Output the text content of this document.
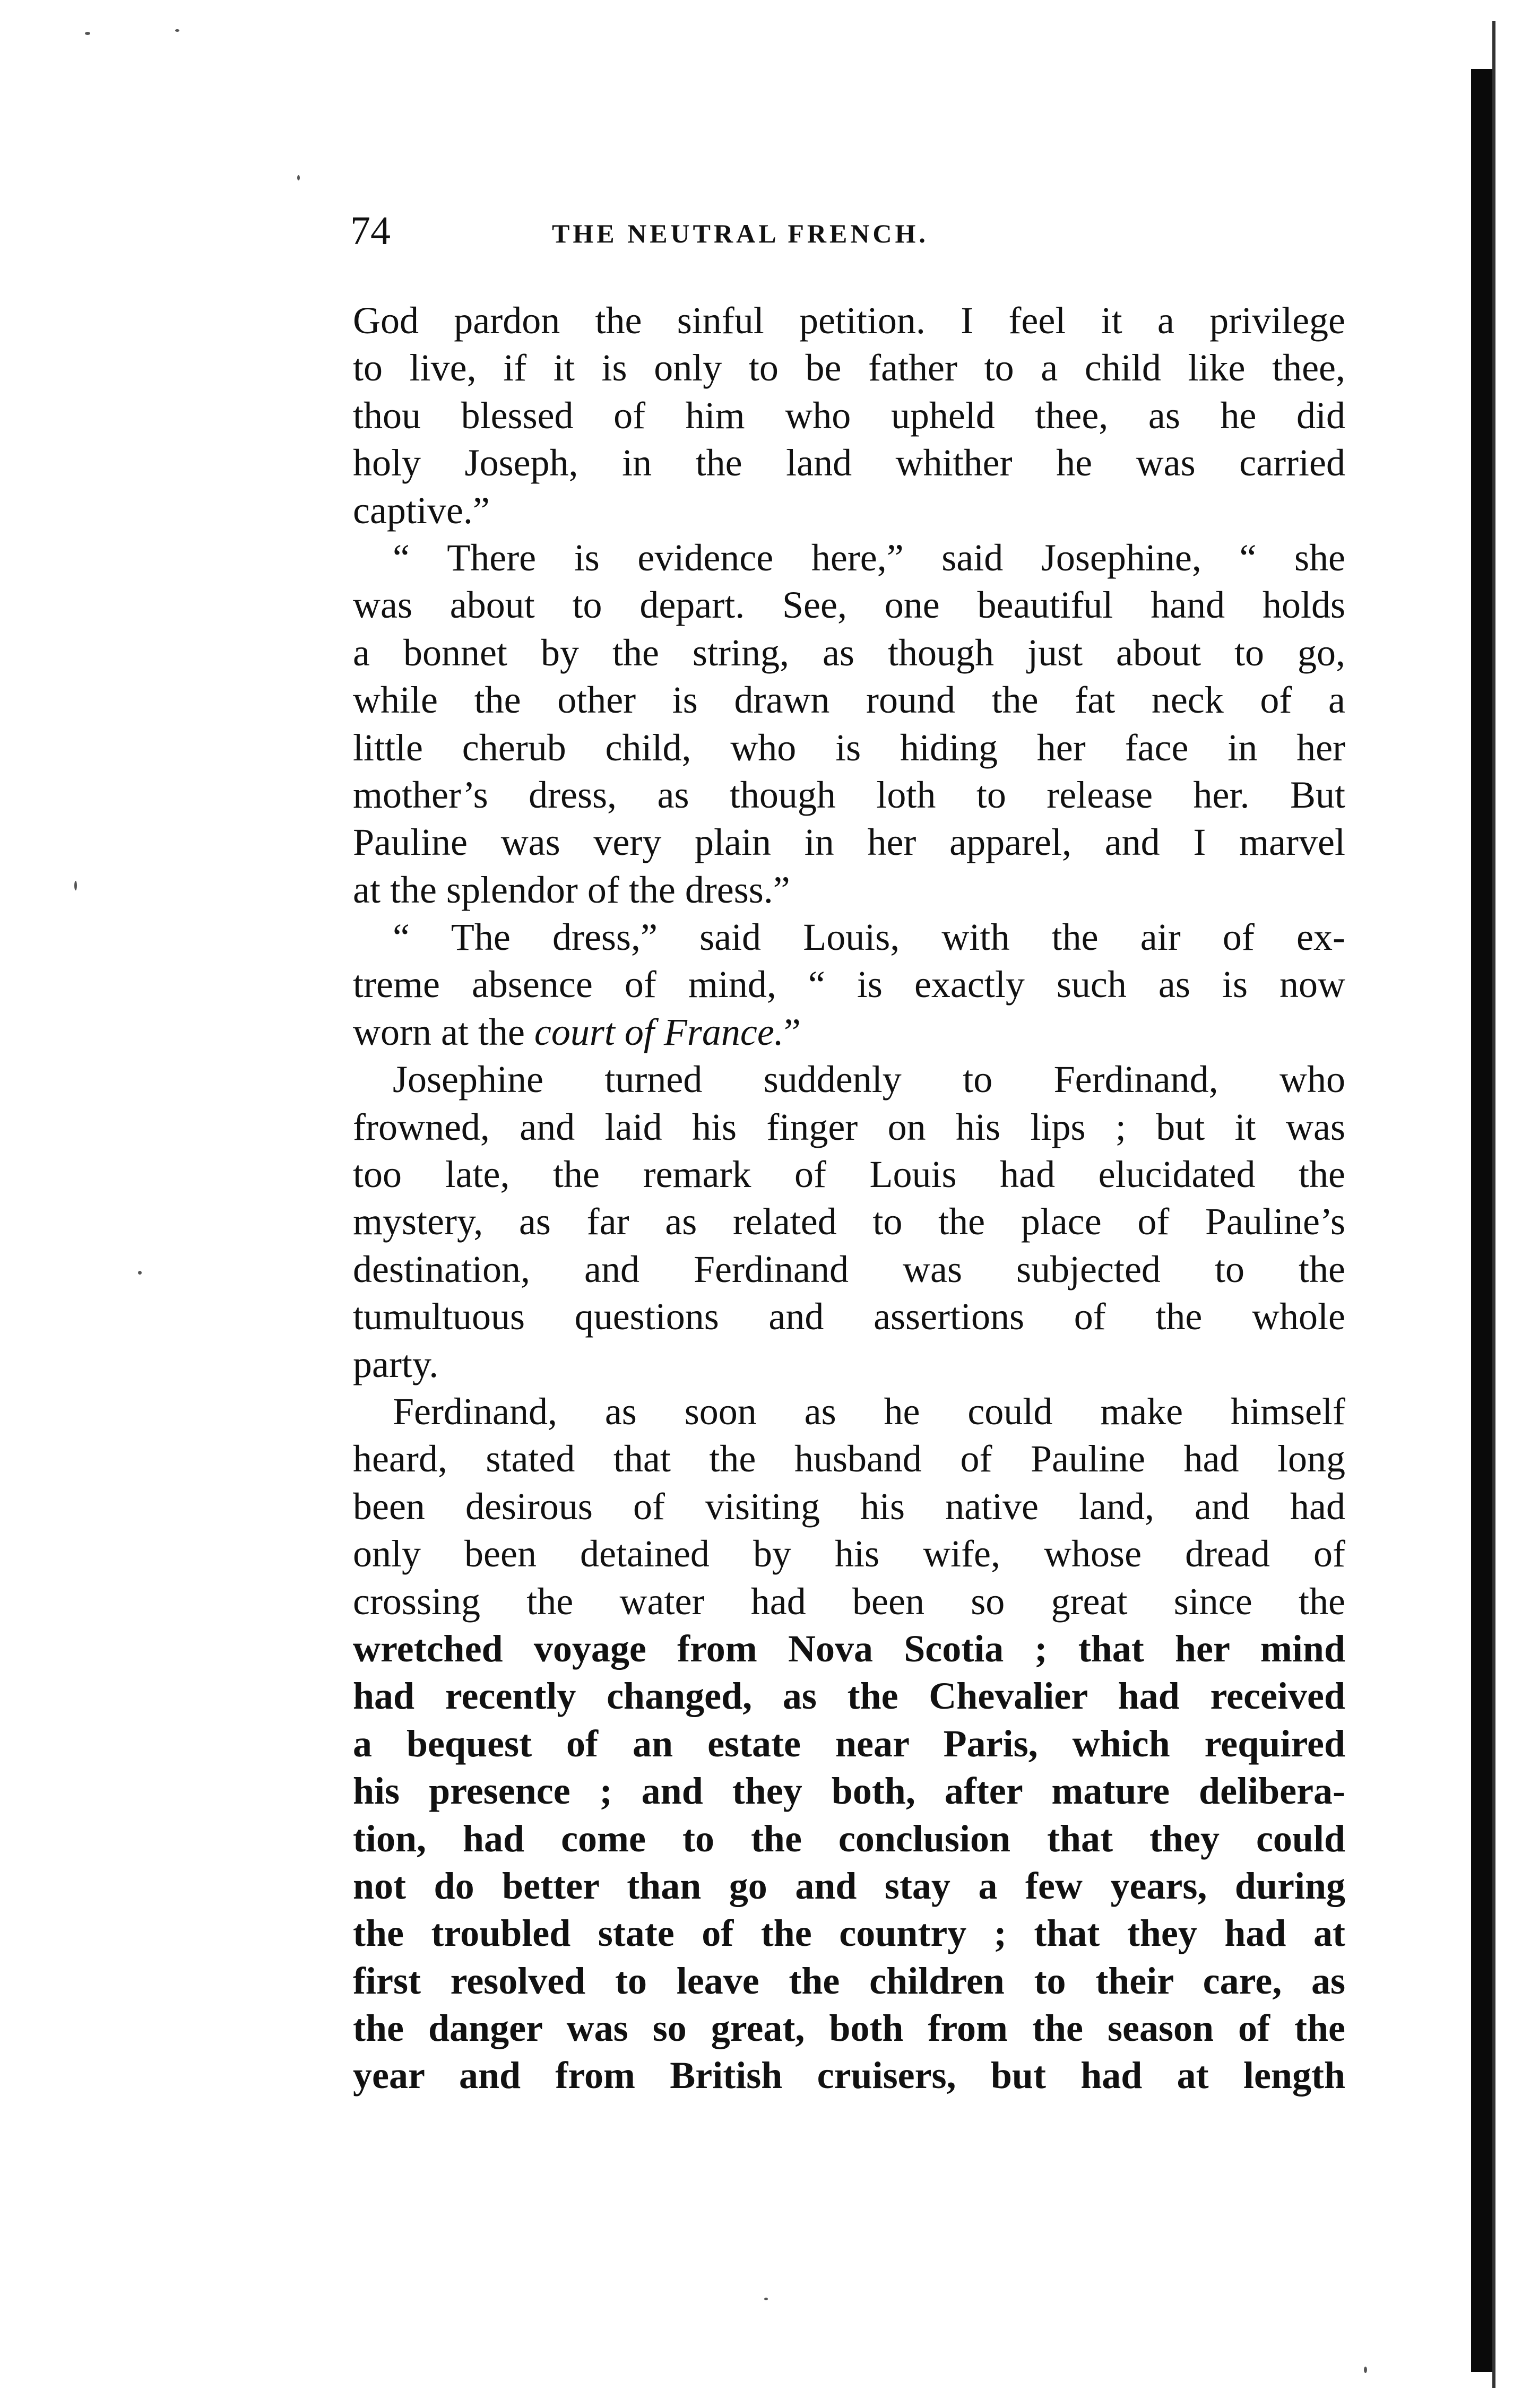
74	THE NEUTRAL FRENCH.
God pardon the sinful petition. I feel it a privilege
to live, if it is only to be father to a child like thee,
thou blessed of him who upheld thee, as he did
holy Joseph, in the land whither he was carried
captive.”
“ There is evidence here,” said Josephine, “ she
was about to depart. See, one beautiful hand holds
a bonnet by the string, as though just about to go,
while the other is drawn round the fat neck of a
little cherub child, who is hiding her face in her
mother’s dress, as though loth to release her. But
Pauline was very plain in her apparel, and I marvel
at the splendor of the dress.”
“ The dress,” said Louis, with the air of ex-
treme absence of mind, “ is exactly such as is now
worn at the court of France.”
Josephine turned suddenly to Ferdinand, who
frowned, and laid his finger on his lips ; but it was
too late, the remark of Louis had elucidated the
mystery, as far as related to the place of Pauline’s
destination, and Ferdinand was subjected to the
tumultuous questions and assertions of the whole
party.
Ferdinand, as soon as he could make himself
heard, stated that the husband of Pauline had long
been desirous of visiting his native land, and had
only been detained by his wife, whose dread of
crossing the water had been so great since the
wretched voyage from Nova Scotia ; that her mind
had recently changed, as the Chevalier had received
a bequest of an estate near Paris, which required
his presence ; and they both, after mature delibera-
tion, had come to the conclusion that they could
not do better than go and stay a few years, during
the troubled state of the country ; that they had at
first resolved to leave the children to their care, as
the danger was so great, both from the season of the
year and from British cruisers, but had at length
